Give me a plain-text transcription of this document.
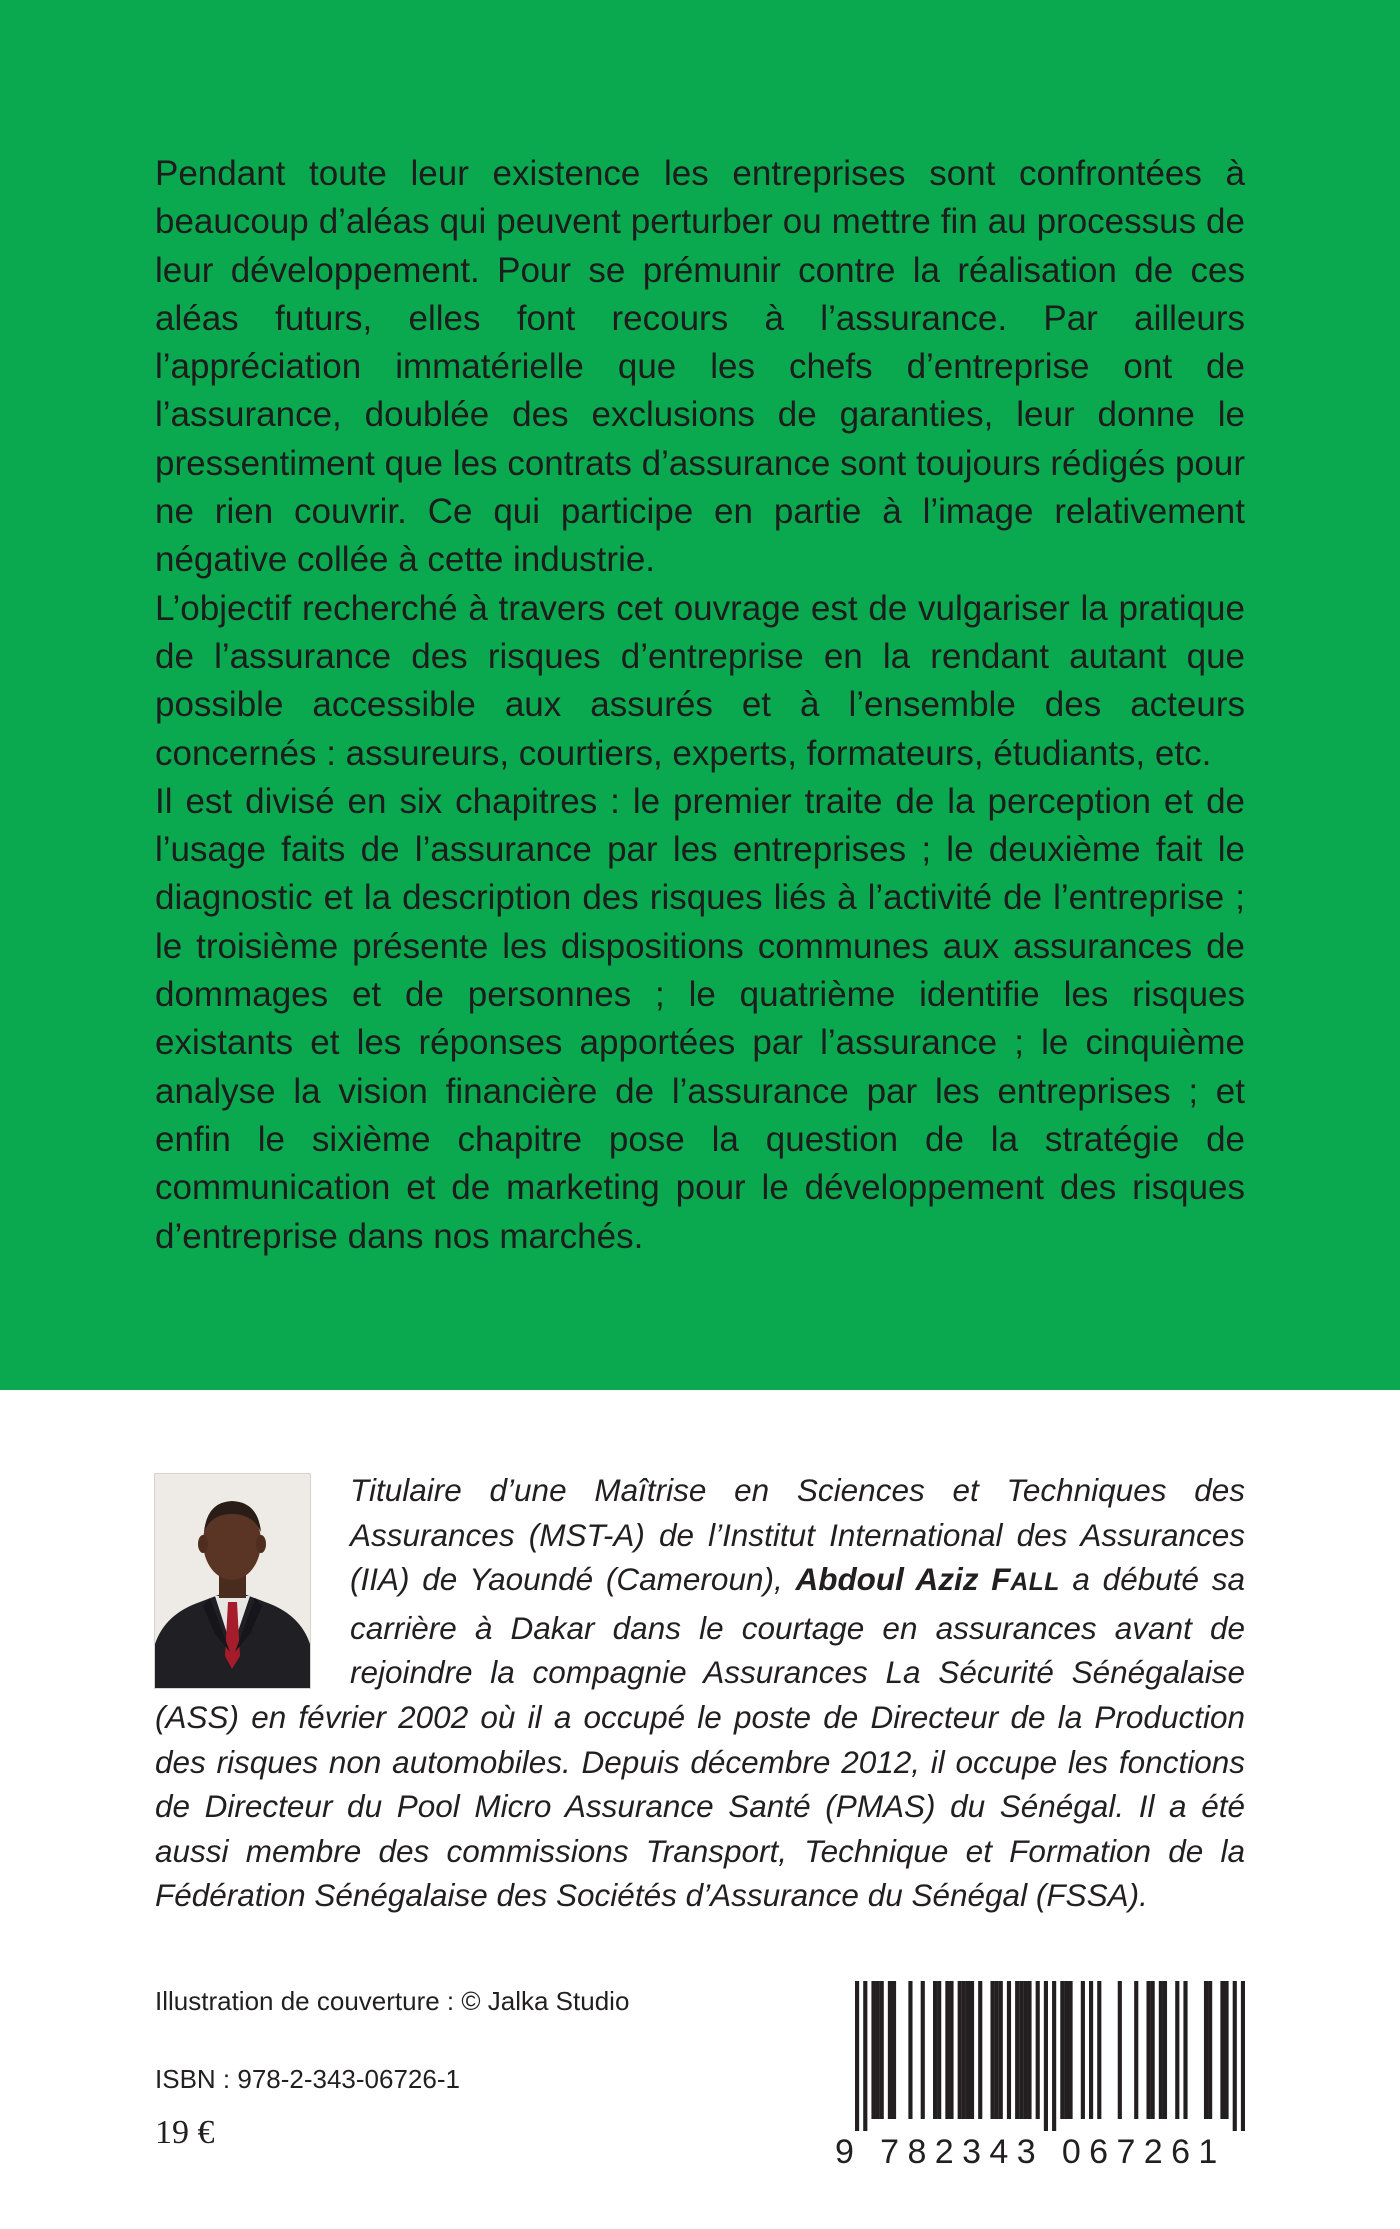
Pendant toute leur existence les entreprises sont confrontées à beaucoup d’aléas qui peuvent perturber ou mettre fin au processus de leur développement. Pour se prémunir contre la réalisation de ces aléas futurs, elles font recours à l’assurance. Par ailleurs l’appréciation immatérielle que les chefs d’entreprise ont de l’assurance, doublée des exclusions de garanties, leur donne le pressentiment que les contrats d’assurance sont toujours rédigés pour ne rien couvrir. Ce qui participe en partie à l’image relativement négative collée à cette industrie.

L’objectif recherché à travers cet ouvrage est de vulgariser la pratique de l’assurance des risques d’entreprise en la rendant autant que possible accessible aux assurés et à l’ensemble des acteurs concernés : assureurs, courtiers, experts, formateurs, étudiants, etc.

Il est divisé en six chapitres : le premier traite de la perception et de l’usage faits de l’assurance par les entreprises ; le deuxième fait le diagnostic et la description des risques liés à l’activité de l’entreprise ; le troisième présente les dispositions communes aux assurances de dommages et de personnes ; le quatrième identifie les risques existants et les réponses apportées par l’assurance ; le cinquième analyse la vision financière de l’assurance par les entreprises ; et enfin le sixième chapitre pose la question de la stratégie de communication et de marketing pour le développement des risques d’entreprise dans nos marchés.

Titulaire d’une Maîtrise en Sciences et Techniques des Assurances (MST-A) de l’Institut International des Assurances (IIA) de Yaoundé (Cameroun), Abdoul Aziz FALL a débuté sa carrière à Dakar dans le courtage en assurances avant de rejoindre la compagnie Assurances La Sécurité Sénégalaise (ASS) en février 2002 où il a occupé le poste de Directeur de la Production des risques non automobiles. Depuis décembre 2012, il occupe les fonctions de Directeur du Pool Micro Assurance Santé (PMAS) du Sénégal. Il a été aussi membre des commissions Transport, Technique et Formation de la Fédération Sénégalaise des Sociétés d’Assurance du Sénégal (FSSA).
Illustration de couverture : © Jalka Studio
ISBN : 978-2-343-06726-1
19 €
9 782343 067261
